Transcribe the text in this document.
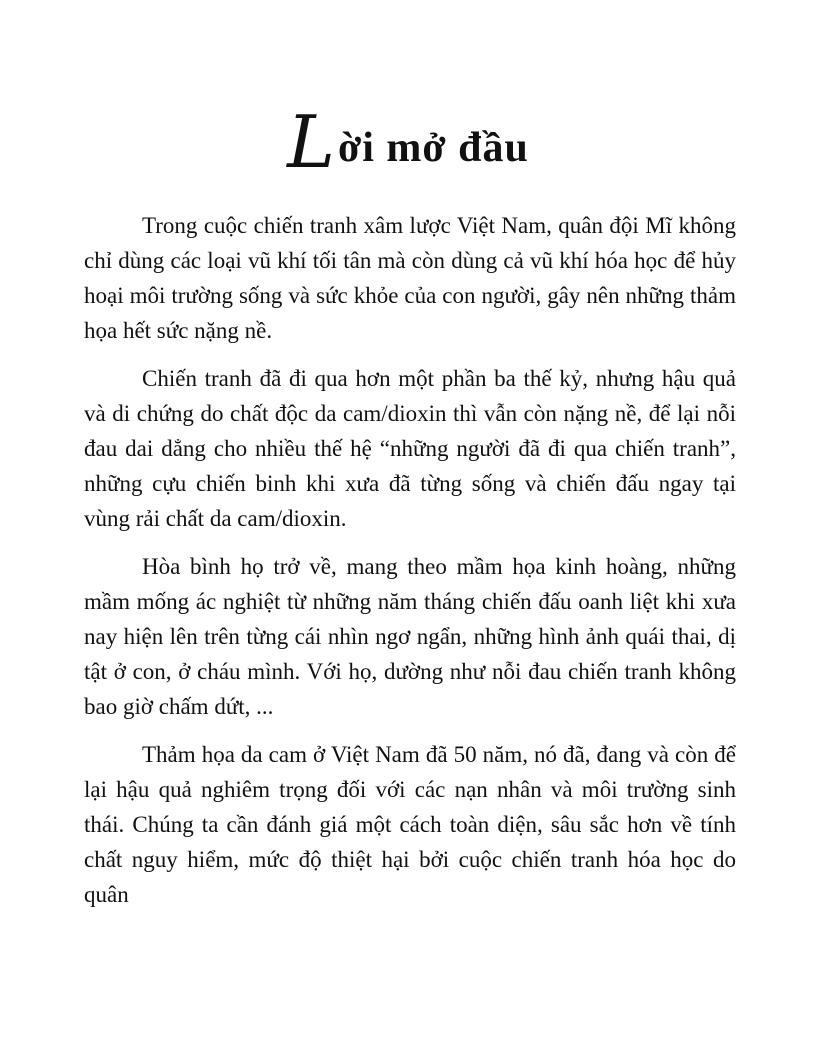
Lời mở đầu

Trong cuộc chiến tranh xâm lược Việt Nam, quân đội Mĩ không chỉ dùng các loại vũ khí tối tân mà còn dùng cả vũ khí hóa học để hủy hoại môi trường sống và sức khỏe của con người, gây nên những thảm họa hết sức nặng nề.

Chiến tranh đã đi qua hơn một phần ba thế kỷ, nhưng hậu quả và di chứng do chất độc da cam/dioxin thì vẫn còn nặng nề, để lại nỗi đau dai dẳng cho nhiều thế hệ “những người đã đi qua chiến tranh”, những cựu chiến binh khi xưa đã từng sống và chiến đấu ngay tại vùng rải chất da cam/dioxin.

Hòa bình họ trở về, mang theo mầm họa kinh hoàng, những mầm mống ác nghiệt từ những năm tháng chiến đấu oanh liệt khi xưa nay hiện lên trên từng cái nhìn ngơ ngẩn, những hình ảnh quái thai, dị tật ở con, ở cháu mình. Với họ, dường như nỗi đau chiến tranh không bao giờ chấm dứt, ...

Thảm họa da cam ở Việt Nam đã 50 năm, nó đã, đang và còn để lại hậu quả nghiêm trọng đối với các nạn nhân và môi trường sinh thái. Chúng ta cần đánh giá một cách toàn diện, sâu sắc hơn về tính chất nguy hiểm, mức độ thiệt hại bởi cuộc chiến tranh hóa học do quân
